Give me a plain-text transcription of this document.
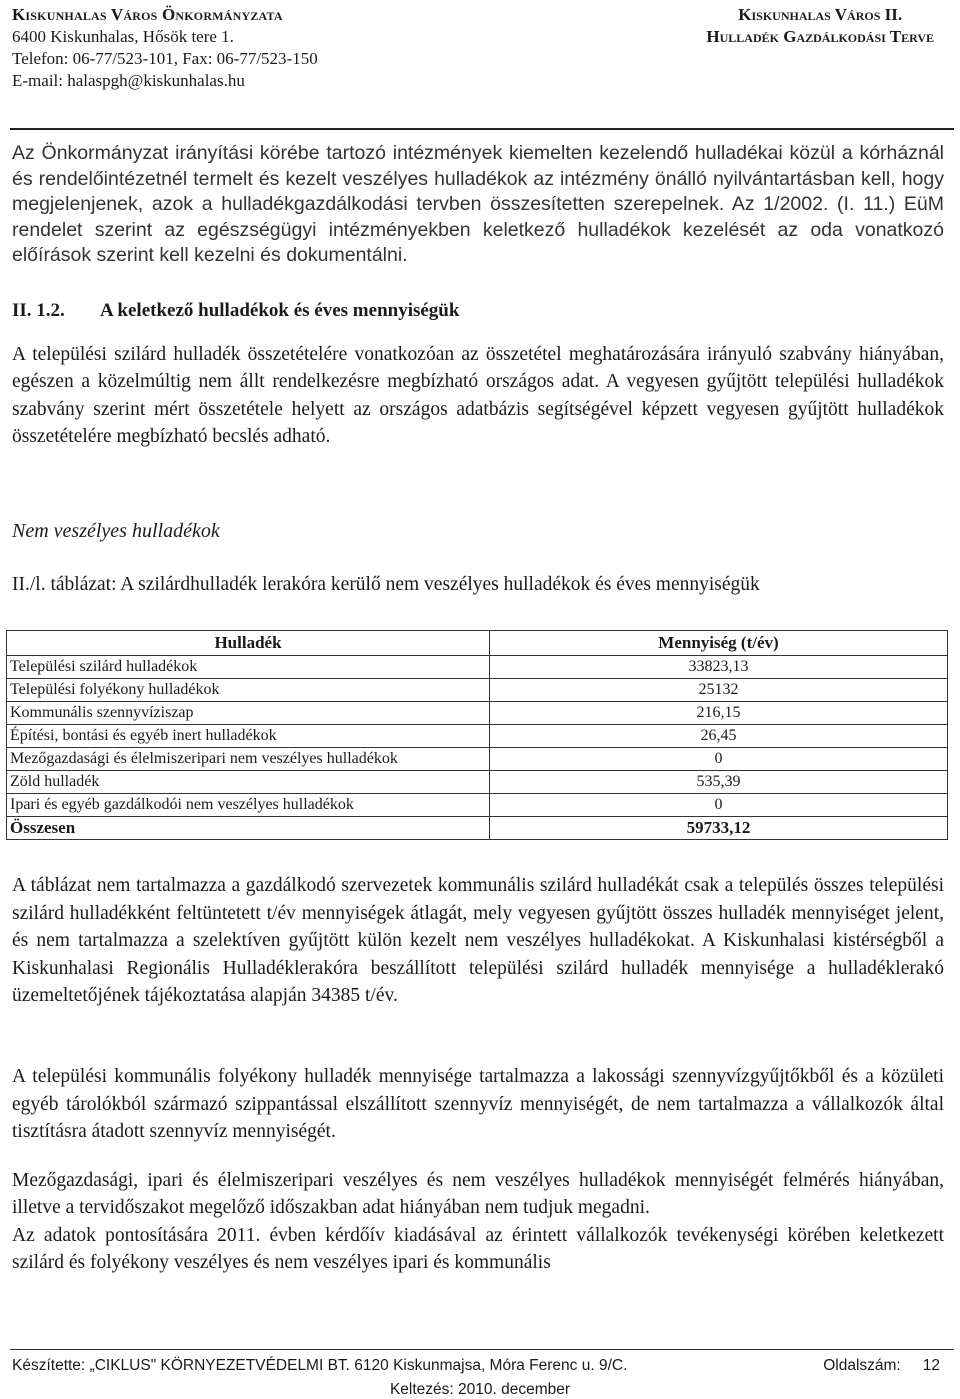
Kiskunhalas Város Önkormányzata
6400 Kiskunhalas, Hősök tere 1.
Telefon: 06-77/523-101, Fax: 06-77/523-150
E-mail: halaspgh@kiskunhalas.hu
Kiskunhalas Város II.
Hulladék Gazdálkodási Terve
Az Önkormányzat irányítási körébe tartozó intézmények kiemelten kezelendő hulladékai közül a kórháznál és rendelőintézetnél termelt és kezelt veszélyes hulladékok az intézmény önálló nyilvántartásban kell, hogy megjelenjenek, azok a hulladékgazdálkodási tervben összesítetten szerepelnek. Az 1/2002. (I. 11.) EüM rendelet szerint az egészségügyi intézményekben keletkező hulladékok kezelését az oda vonatkozó előírások szerint kell kezelni és dokumentálni.
II. 1.2. A keletkező hulladékok és éves mennyiségük
A települési szilárd hulladék összetételére vonatkozóan az összetétel meghatározására irányuló szabvány hiányában, egészen a közelmúltig nem állt rendelkezésre megbízható országos adat. A vegyesen gyűjtött települési hulladékok szabvány szerint mért összetétele helyett az országos adatbázis segítségével képzett vegyesen gyűjtött hulladékok összetételére megbízható becslés adható.
Nem veszélyes hulladékok
II./l. táblázat: A szilárdhulladék lerakóra kerülő nem veszélyes hulladékok és éves mennyiségük
Hulladék	Mennyiség (t/év)
Települési szilárd hulladékok	33823,13
Települési folyékony hulladékok	25132
Kommunális szennyvíziszap	216,15
Építési, bontási és egyéb inert hulladékok	26,45
Mezőgazdasági és élelmiszeripari nem veszélyes hulladékok	0
Zöld hulladék	535,39
Ipari és egyéb gazdálkodói nem veszélyes hulladékok	0
Összesen	59733,12
A táblázat nem tartalmazza a gazdálkodó szervezetek kommunális szilárd hulladékát csak a település összes települési szilárd hulladékként feltüntetett t/év mennyiségek átlagát, mely vegyesen gyűjtött összes hulladék mennyiséget jelent, és nem tartalmazza a szelektíven gyűjtött külön kezelt nem veszélyes hulladékokat. A Kiskunhalasi kistérségből a Kiskunhalasi Regionális Hulladéklerakóra beszállított települési szilárd hulladék mennyisége a hulladéklerakó üzemeltetőjének tájékoztatása alapján 34385 t/év.
A települési kommunális folyékony hulladék mennyisége tartalmazza a lakossági szennyvízgyűjtőkből és a közületi egyéb tárolókból származó szippantással elszállított szennyvíz mennyiségét, de nem tartalmazza a vállalkozók által tisztításra átadott szennyvíz mennyiségét.
Mezőgazdasági, ipari és élelmiszeripari veszélyes és nem veszélyes hulladékok mennyiségét felmérés hiányában, illetve a tervidőszakot megelőző időszakban adat hiányában nem tudjuk megadni.
Az adatok pontosítására 2011. évben kérdőív kiadásával az érintett vállalkozók tevékenységi körében keletkezett szilárd és folyékony veszélyes és nem veszélyes ipari és kommunális
Készítette: „CIKLUS" KÖRNYEZETVÉDELMI BT. 6120 Kiskunmajsa, Móra Ferenc u. 9/C.	Oldalszám: 12
Keltezés: 2010. december
